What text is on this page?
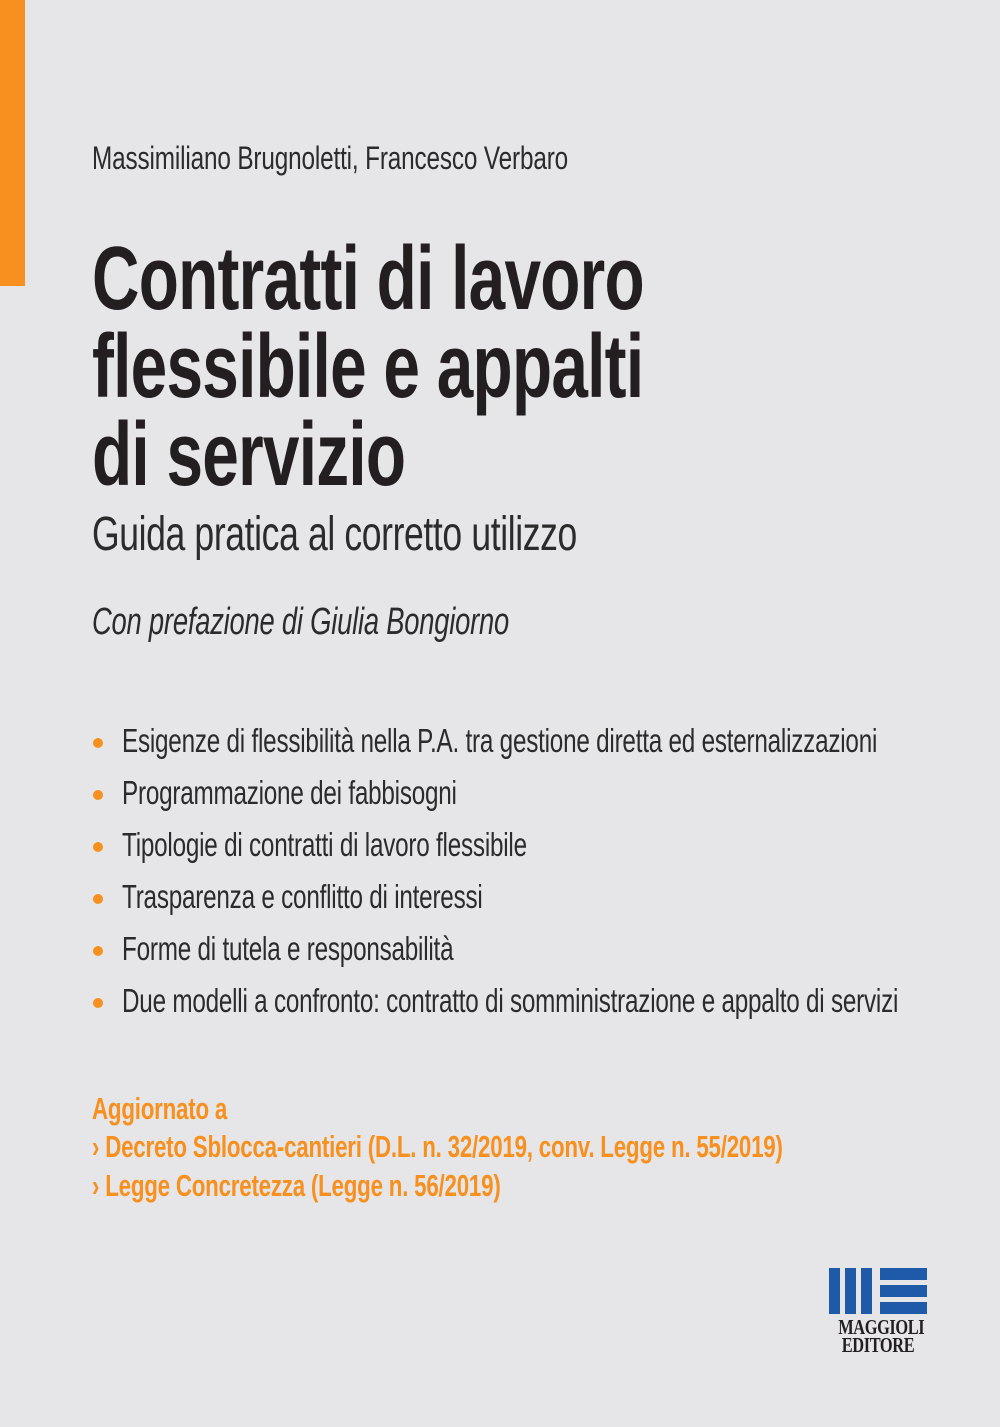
Massimiliano Brugnoletti, Francesco Verbaro
Contratti di lavoro
flessibile e appalti
di servizio
Guida pratica al corretto utilizzo
Con prefazione di Giulia Bongiorno
Esigenze di flessibilità nella P.A. tra gestione diretta ed esternalizzazioni
Programmazione dei fabbisogni
Tipologie di contratti di lavoro flessibile
Trasparenza e conflitto di interessi
Forme di tutela e responsabilità
Due modelli a confronto: contratto di somministrazione e appalto di servizi
Aggiornato a
› Decreto Sblocca-cantieri (D.L. n. 32/2019, conv. Legge n. 55/2019)
› Legge Concretezza (Legge n. 56/2019)
MAGGIOLI
EDITORE
